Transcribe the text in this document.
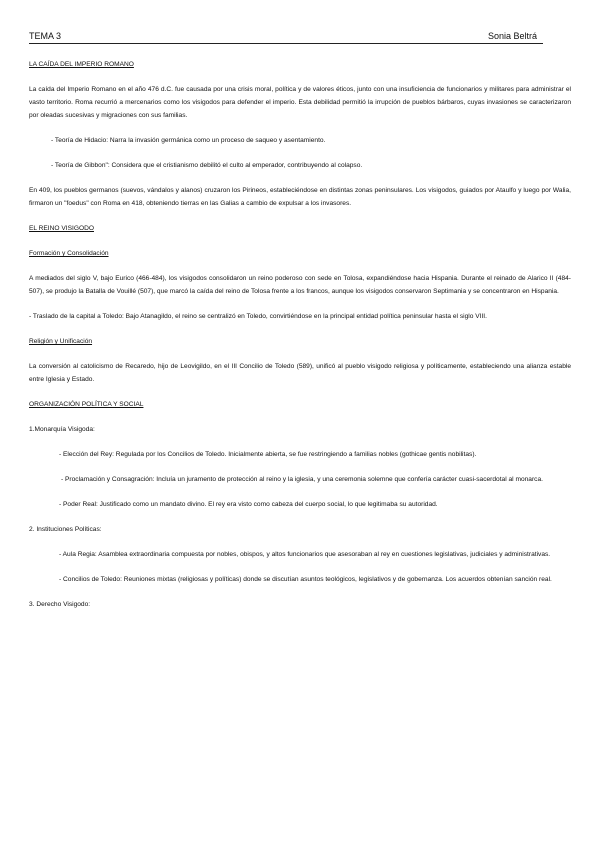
TEMA 3	Sonia Beltrá

LA CAÍDA DEL IMPERIO ROMANO

La caída del Imperio Romano en el año 476 d.C. fue causada por una crisis moral, política y de valores éticos, junto con una insuficiencia de funcionarios y militares para administrar el vasto territorio. Roma recurrió a mercenarios como los visigodos para defender el imperio. Esta debilidad permitió la irrupción de pueblos bárbaros, cuyas invasiones se caracterizaron por oleadas sucesivas y migraciones con sus familias.

- Teoría de Hidacio: Narra la invasión germánica como un proceso de saqueo y asentamiento.

- Teoría de Gibbon": Considera que el cristianismo debilitó el culto al emperador, contribuyendo al colapso.

En 409, los pueblos germanos (suevos, vándalos y alanos) cruzaron los Pirineos, estableciéndose en distintas zonas peninsulares. Los visigodos, guiados por Ataulfo y luego por Walia, firmaron un "foedus" con Roma en 418, obteniendo tierras en las Galias a cambio de expulsar a los invasores.

EL REINO VISIGODO

Formación y Consolidación

A mediados del siglo V, bajo Eurico (466-484), los visigodos consolidaron un reino poderoso con sede en Tolosa, expandiéndose hacia Hispania. Durante el reinado de Alarico II (484-507), se produjo la Batalla de Vouillé (507), que marcó la caída del reino de Tolosa frente a los francos, aunque los visigodos conservaron Septimania y se concentraron en Hispania.

- Traslado de la capital a Toledo: Bajo Atanagildo, el reino se centralizó en Toledo, convirtiéndose en la principal entidad política peninsular hasta el siglo VIII.

Religión y Unificación

La conversión al catolicismo de Recaredo, hijo de Leovigildo, en el III Concilio de Toledo (589), unificó al pueblo visigodo religiosa y políticamente, estableciendo una alianza estable entre Iglesia y Estado.

ORGANIZACIÓN POLÍTICA Y SOCIAL

1.Monarquía Visigoda:

- Elección del Rey: Regulada por los Concilios de Toledo. Inicialmente abierta, se fue restringiendo a familias nobles (gothicae gentis nobilitas).

- Proclamación y Consagración: Incluía un juramento de protección al reino y la iglesia, y una ceremonia solemne que confería carácter cuasi-sacerdotal al monarca.

- Poder Real: Justificado como un mandato divino. El rey era visto como cabeza del cuerpo social, lo que legitimaba su autoridad.

2. Instituciones Políticas:

- Aula Regia: Asamblea extraordinaria compuesta por nobles, obispos, y altos funcionarios que asesoraban al rey en cuestiones legislativas, judiciales y administrativas.

- Concilios de Toledo: Reuniones mixtas (religiosas y políticas) donde se discutían asuntos teológicos, legislativos y de gobernanza. Los acuerdos obtenían sanción real.

3. Derecho Visigodo:
